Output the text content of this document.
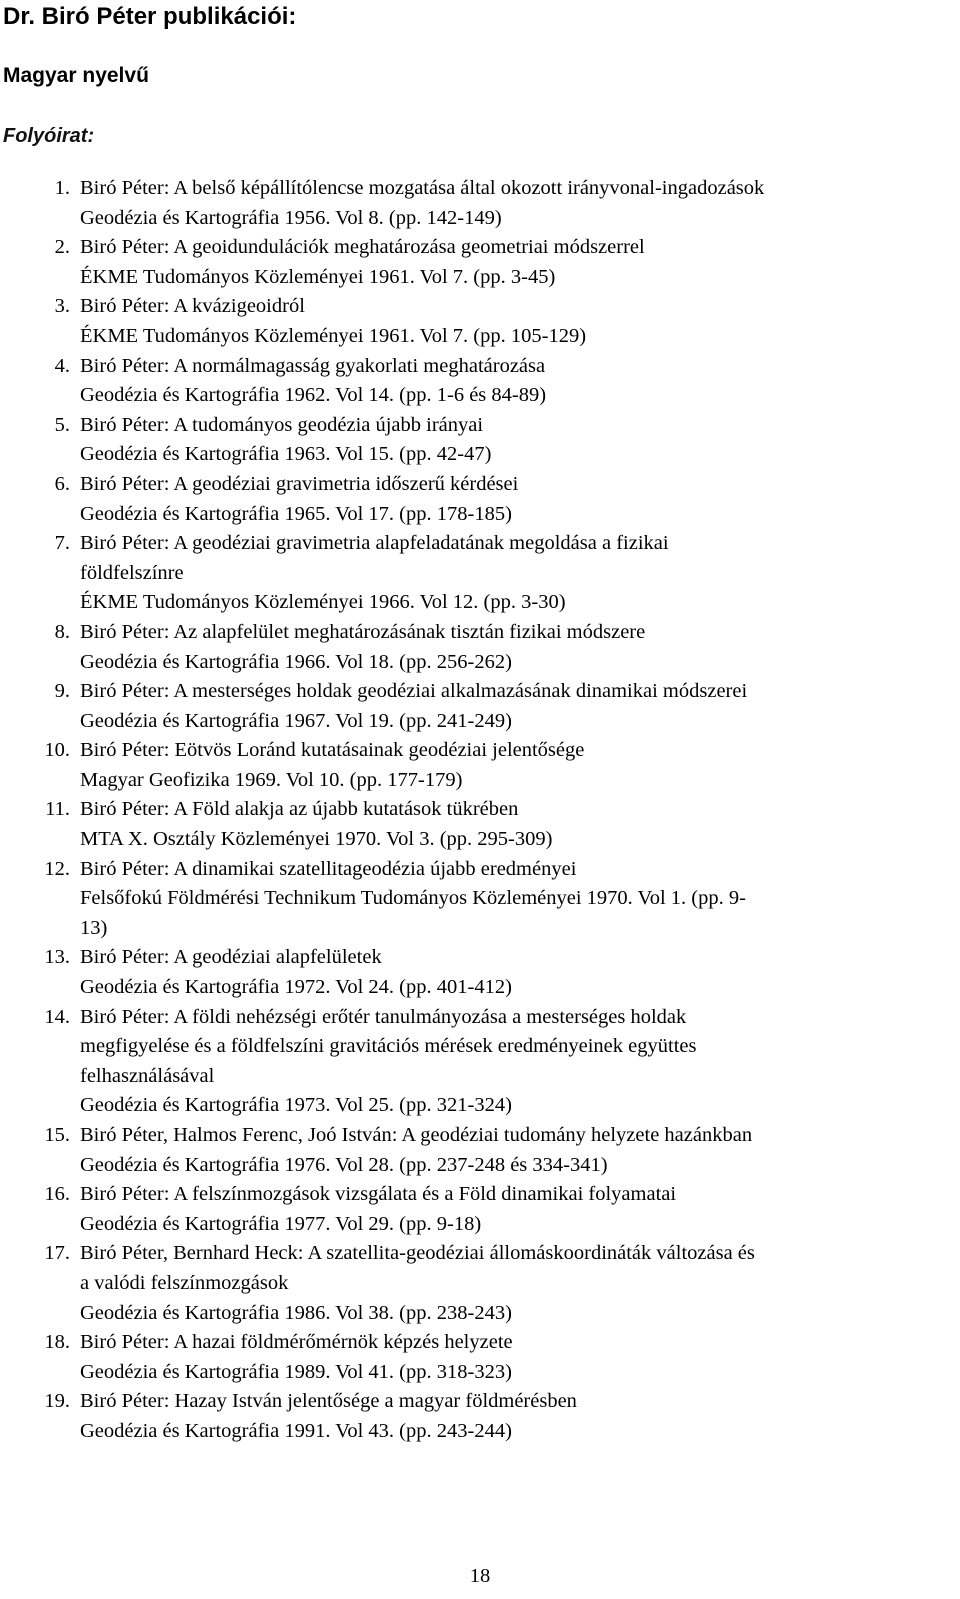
Dr. Biró Péter publikációi:
Magyar nyelvű
Folyóirat:
1. Biró Péter: A belső képállítólencse mozgatása által okozott irányvonal-ingadozások
Geodézia és Kartográfia 1956. Vol 8. (pp. 142-149)
2. Biró Péter: A geoidundulációk meghatározása geometriai módszerrel
ÉKME Tudományos Közleményei 1961. Vol 7. (pp. 3-45)
3. Biró Péter: A kvázigeoidról
ÉKME Tudományos Közleményei 1961. Vol 7. (pp. 105-129)
4. Biró Péter: A normálmagasság gyakorlati meghatározása
Geodézia és Kartográfia 1962. Vol 14. (pp. 1-6 és 84-89)
5. Biró Péter: A tudományos geodézia újabb irányai
Geodézia és Kartográfia 1963. Vol 15. (pp. 42-47)
6. Biró Péter: A geodéziai gravimetria időszerű kérdései
Geodézia és Kartográfia 1965. Vol 17. (pp. 178-185)
7. Biró Péter: A geodéziai gravimetria alapfeladatának megoldása a fizikai
földfelszínre
ÉKME Tudományos Közleményei 1966. Vol 12. (pp. 3-30)
8. Biró Péter: Az alapfelület meghatározásának tisztán fizikai módszere
Geodézia és Kartográfia 1966. Vol 18. (pp. 256-262)
9. Biró Péter: A mesterséges holdak geodéziai alkalmazásának dinamikai módszerei
Geodézia és Kartográfia 1967. Vol 19. (pp. 241-249)
10. Biró Péter: Eötvös Loránd kutatásainak geodéziai jelentősége
Magyar Geofizika 1969. Vol 10. (pp. 177-179)
11. Biró Péter: A Föld alakja az újabb kutatások tükrében
MTA X. Osztály Közleményei 1970. Vol 3. (pp. 295-309)
12. Biró Péter: A dinamikai szatellitageodézia újabb eredményei
Felsőfokú Földmérési Technikum Tudományos Közleményei 1970. Vol 1. (pp. 9-
13)
13. Biró Péter: A geodéziai alapfelületek
Geodézia és Kartográfia 1972. Vol 24. (pp. 401-412)
14. Biró Péter: A földi nehézségi erőtér tanulmányozása a mesterséges holdak
megfigyelése és a földfelszíni gravitációs mérések eredményeinek együttes
felhasználásával
Geodézia és Kartográfia 1973. Vol 25. (pp. 321-324)
15. Biró Péter, Halmos Ferenc, Joó István: A geodéziai tudomány helyzete hazánkban
Geodézia és Kartográfia 1976. Vol 28. (pp. 237-248 és 334-341)
16. Biró Péter: A felszínmozgások vizsgálata és a Föld dinamikai folyamatai
Geodézia és Kartográfia 1977. Vol 29. (pp. 9-18)
17. Biró Péter, Bernhard Heck: A szatellita-geodéziai állomáskoordináták változása és
a valódi felszínmozgások
Geodézia és Kartográfia 1986. Vol 38. (pp. 238-243)
18. Biró Péter: A hazai földmérőmérnök képzés helyzete
Geodézia és Kartográfia 1989. Vol 41. (pp. 318-323)
19. Biró Péter: Hazay István jelentősége a magyar földmérésben
Geodézia és Kartográfia 1991. Vol 43. (pp. 243-244)

18
